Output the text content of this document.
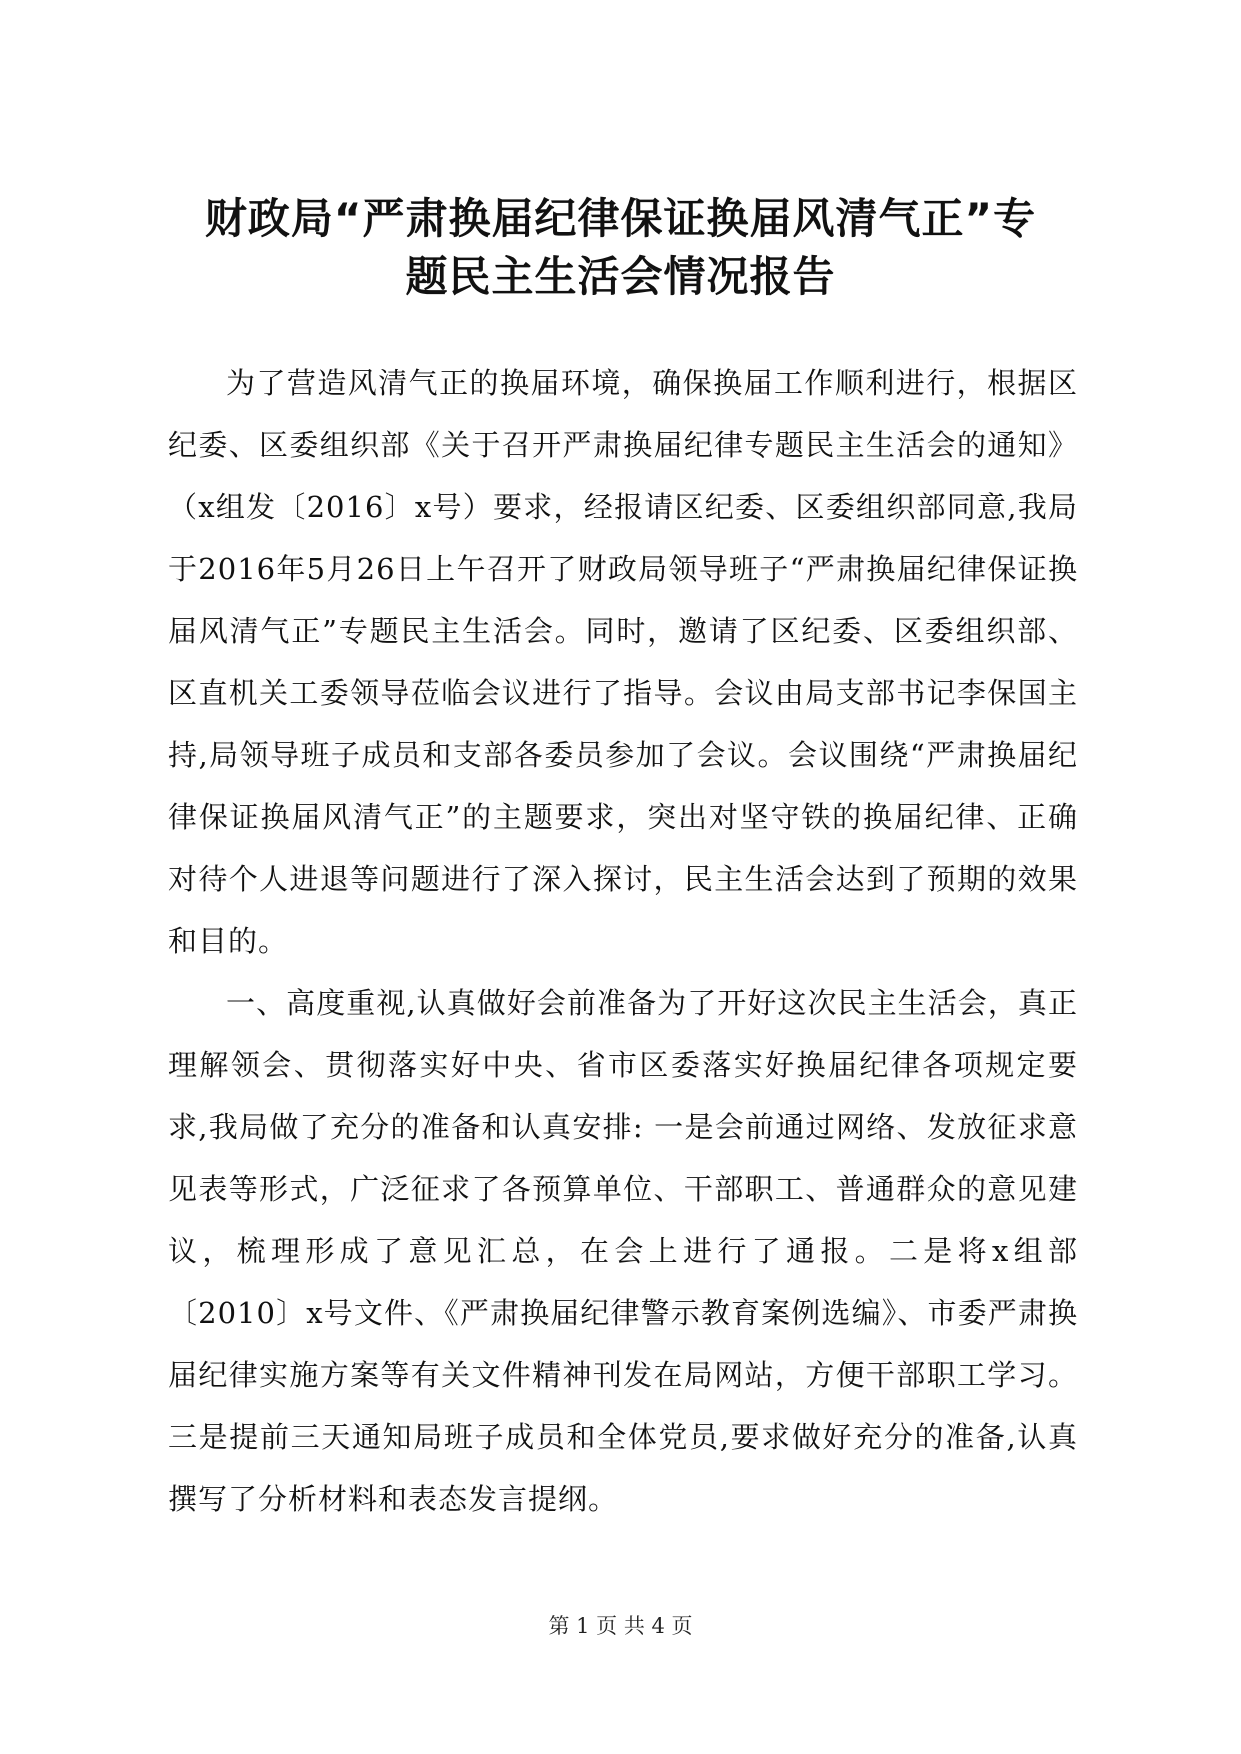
财政局“严肃换届纪律保证换届风清气正”专
题民主生活会情况报告

为了营造风清气正的换届环境，确保换届工作顺利进行，根据区纪委、区委组织部《关于召开严肃换届纪律专题民主生活会的通知》（x组发〔2016〕x号）要求，经报请区纪委、区委组织部同意,我局于2016年5月26日上午召开了财政局领导班子“严肃换届纪律保证换届风清气正”专题民主生活会。同时，邀请了区纪委、区委组织部、区直机关工委领导莅临会议进行了指导。会议由局支部书记李保国主持,局领导班子成员和支部各委员参加了会议。会议围绕“严肃换届纪律保证换届风清气正”的主题要求，突出对坚守铁的换届纪律、正确对待个人进退等问题进行了深入探讨，民主生活会达到了预期的效果和目的。

一、高度重视,认真做好会前准备为了开好这次民主生活会，真正理解领会、贯彻落实好中央、省市区委落实好换届纪律各项规定要求,我局做了充分的准备和认真安排: 一是会前通过网络、发放征求意见表等形式，广泛征求了各预算单位、干部职工、普通群众的意见建议，梳理形成了意见汇总，在会上进行了通报。二是将x组部〔2010〕x号文件、《严肃换届纪律警示教育案例选编》、市委严肃换届纪律实施方案等有关文件精神刊发在局网站，方便干部职工学习。三是提前三天通知局班子成员和全体党员,要求做好充分的准备,认真撰写了分析材料和表态发言提纲。

第 1 页 共 4 页
